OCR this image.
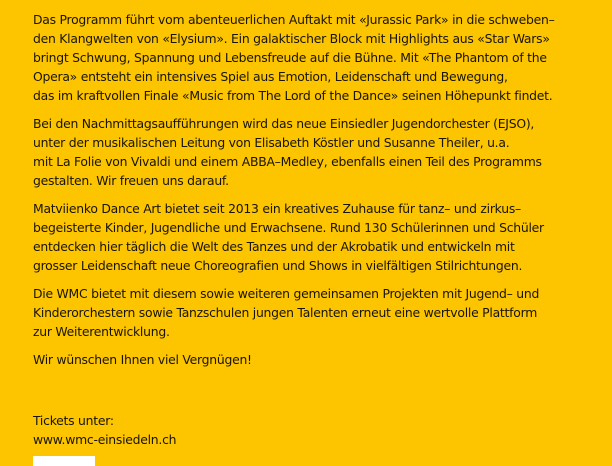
Das Programm führt vom abenteuerlichen Auftakt mit «Jurassic Park» in die schweben–
den Klangwelten von «Elysium». Ein galaktischer Block mit Highlights aus «Star Wars»
bringt Schwung, Spannung und Lebensfreude auf die Bühne. Mit «The Phantom of the
Opera» entsteht ein intensives Spiel aus Emotion, Leidenschaft und Bewegung,
das im kraftvollen Finale «Music from The Lord of the Dance» seinen Höhepunkt findet.

Bei den Nachmittagsaufführungen wird das neue Einsiedler Jugendorchester (EJSO),
unter der musikalischen Leitung von Elisabeth Köstler und Susanne Theiler, u.a.
mit La Folie von Vivaldi und einem ABBA–Medley, ebenfalls einen Teil des Programms
gestalten. Wir freuen uns darauf.

Matviienko Dance Art bietet seit 2013 ein kreatives Zuhause für tanz– und zirkus–
begeisterte Kinder, Jugendliche und Erwachsene. Rund 130 Schülerinnen und Schüler
entdecken hier täglich die Welt des Tanzes und der Akrobatik und entwickeln mit
grosser Leidenschaft neue Choreografien und Shows in vielfältigen Stilrichtungen.

Die WMC bietet mit diesem sowie weiteren gemeinsamen Projekten mit Jugend– und
Kinderorchestern sowie Tanzschulen jungen Talenten erneut eine wertvolle Plattform
zur Weiterentwicklung.

Wir wünschen Ihnen viel Vergnügen!

Tickets unter:
www.wmc-einsiedeln.ch
